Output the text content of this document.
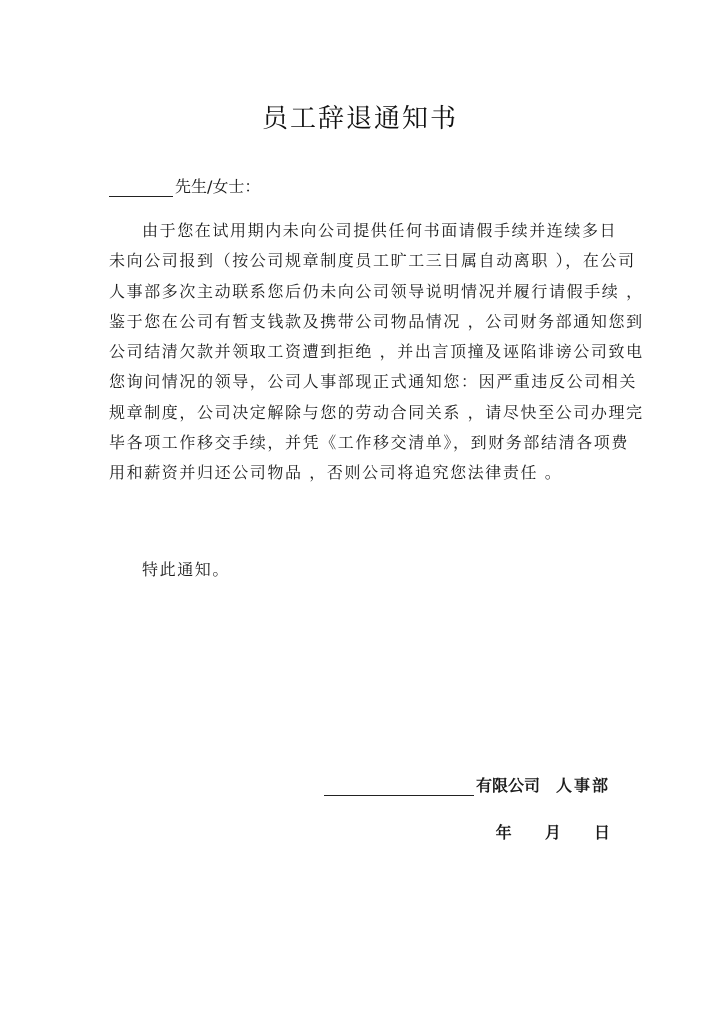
员工辞退通知书
先生/女士：
由于您在试用期内未向公司提供任何书面请假手续并连续多日
未向公司报到（按公司规章制度员工旷工三日属自动离职 ），在公司
人事部多次主动联系您后仍未向公司领导说明情况并履行请假手续 ，
鉴于您在公司有暂支钱款及携带公司物品情况 ，公司财务部通知您到
公司结清欠款并领取工资遭到拒绝 ，并出言顶撞及诬陷诽谤公司致电
您询问情况的领导，公司人事部现正式通知您：因严重违反公司相关
规章制度，公司决定解除与您的劳动合同关系 ，请尽快至公司办理完
毕各项工作移交手续，并凭《工作移交清单》，到财务部结清各项费
用和薪资并归还公司物品 ，否则公司将追究您法律责任 。
特此通知。
有限公司 人事部
年 月 日
